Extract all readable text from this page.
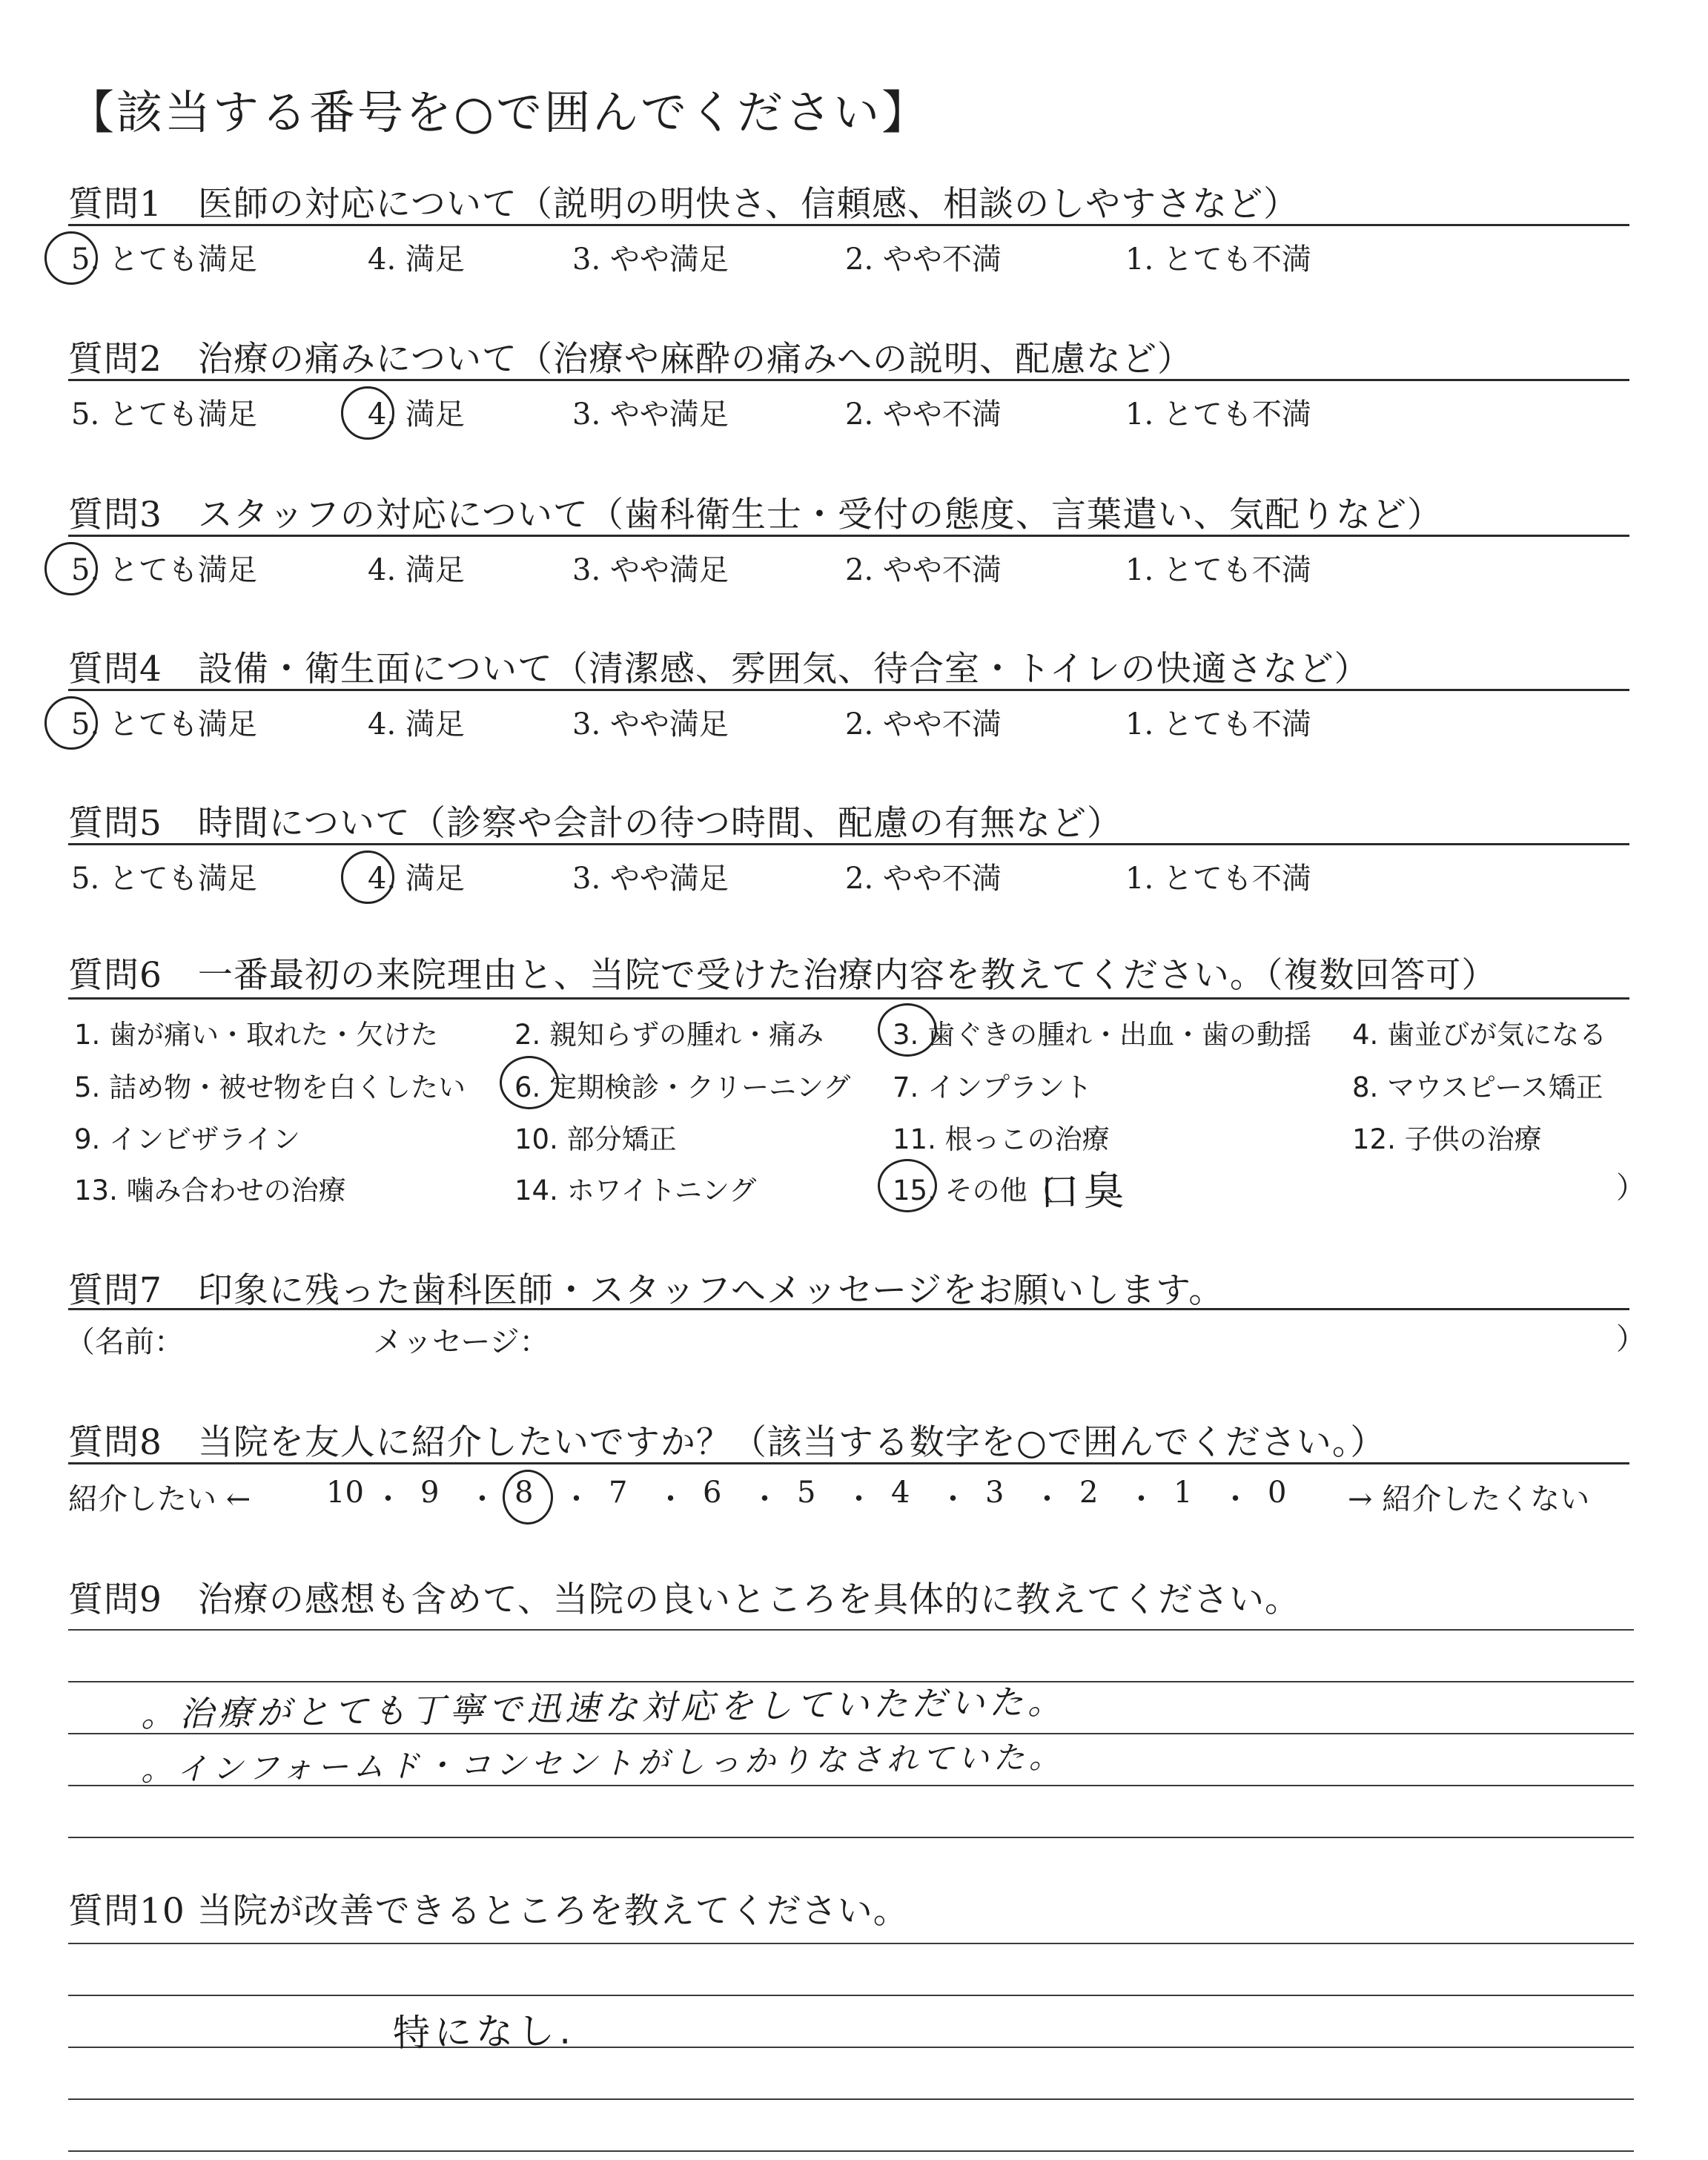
【該当する番号を○で囲んでください】
質問1　医師の対応について（説明の明快さ、信頼感、相談のしやすさなど）
5. とても満足	4. 満足	3. やや満足	2. やや不満	1. とても不満
質問2　治療の痛みについて（治療や麻酔の痛みへの説明、配慮など）
5. とても満足	4. 満足	3. やや満足	2. やや不満	1. とても不満
質問3　スタッフの対応について（歯科衛生士・受付の態度、言葉遣い、気配りなど）
5. とても満足	4. 満足	3. やや満足	2. やや不満	1. とても不満
質問4　設備・衛生面について（清潔感、雰囲気、待合室・トイレの快適さなど）
5. とても満足	4. 満足	3. やや満足	2. やや不満	1. とても不満
質問5　時間について（診察や会計の待つ時間、配慮の有無など）
5. とても満足	4. 満足	3. やや満足	2. やや不満	1. とても不満
質問6　一番最初の来院理由と、当院で受けた治療内容を教えてください。（複数回答可）
1. 歯が痛い・取れた・欠けた	2. 親知らずの腫れ・痛み	3. 歯ぐきの腫れ・出血・歯の動揺 4. 歯並びが気になる
5. 詰め物・被せ物を白くしたい 6. 定期検診・クリーニング 7. インプラント	8. マウスピース矯正
9. インビザライン	10. 部分矯正	11. 根っこの治療	12. 子供の治療
13. 噛み合わせの治療	14. ホワイトニング	15. その他（
口臭	）
質問7　印象に残った歯科医師・スタッフへメッセージをお願いします。
（名前：	メッセージ：	）
質問8　当院を友人に紹介したいですか？（該当する数字を○で囲んでください。）
紹介したい ←	10 ・ 9 ・ 8 ・ 7 ・ 6 ・ 5 ・ 4 ・ 3 ・ 2 ・ 1 ・ 0 → 紹介したくない
質問9　治療の感想も含めて、当院の良いところを具体的に教えてください。
。治療がとても丁寧で迅速な対応をしていただいた。
。インフォームド・コンセントがしっかりなされていた。
質問10 当院が改善できるところを教えてください。
特になし.
